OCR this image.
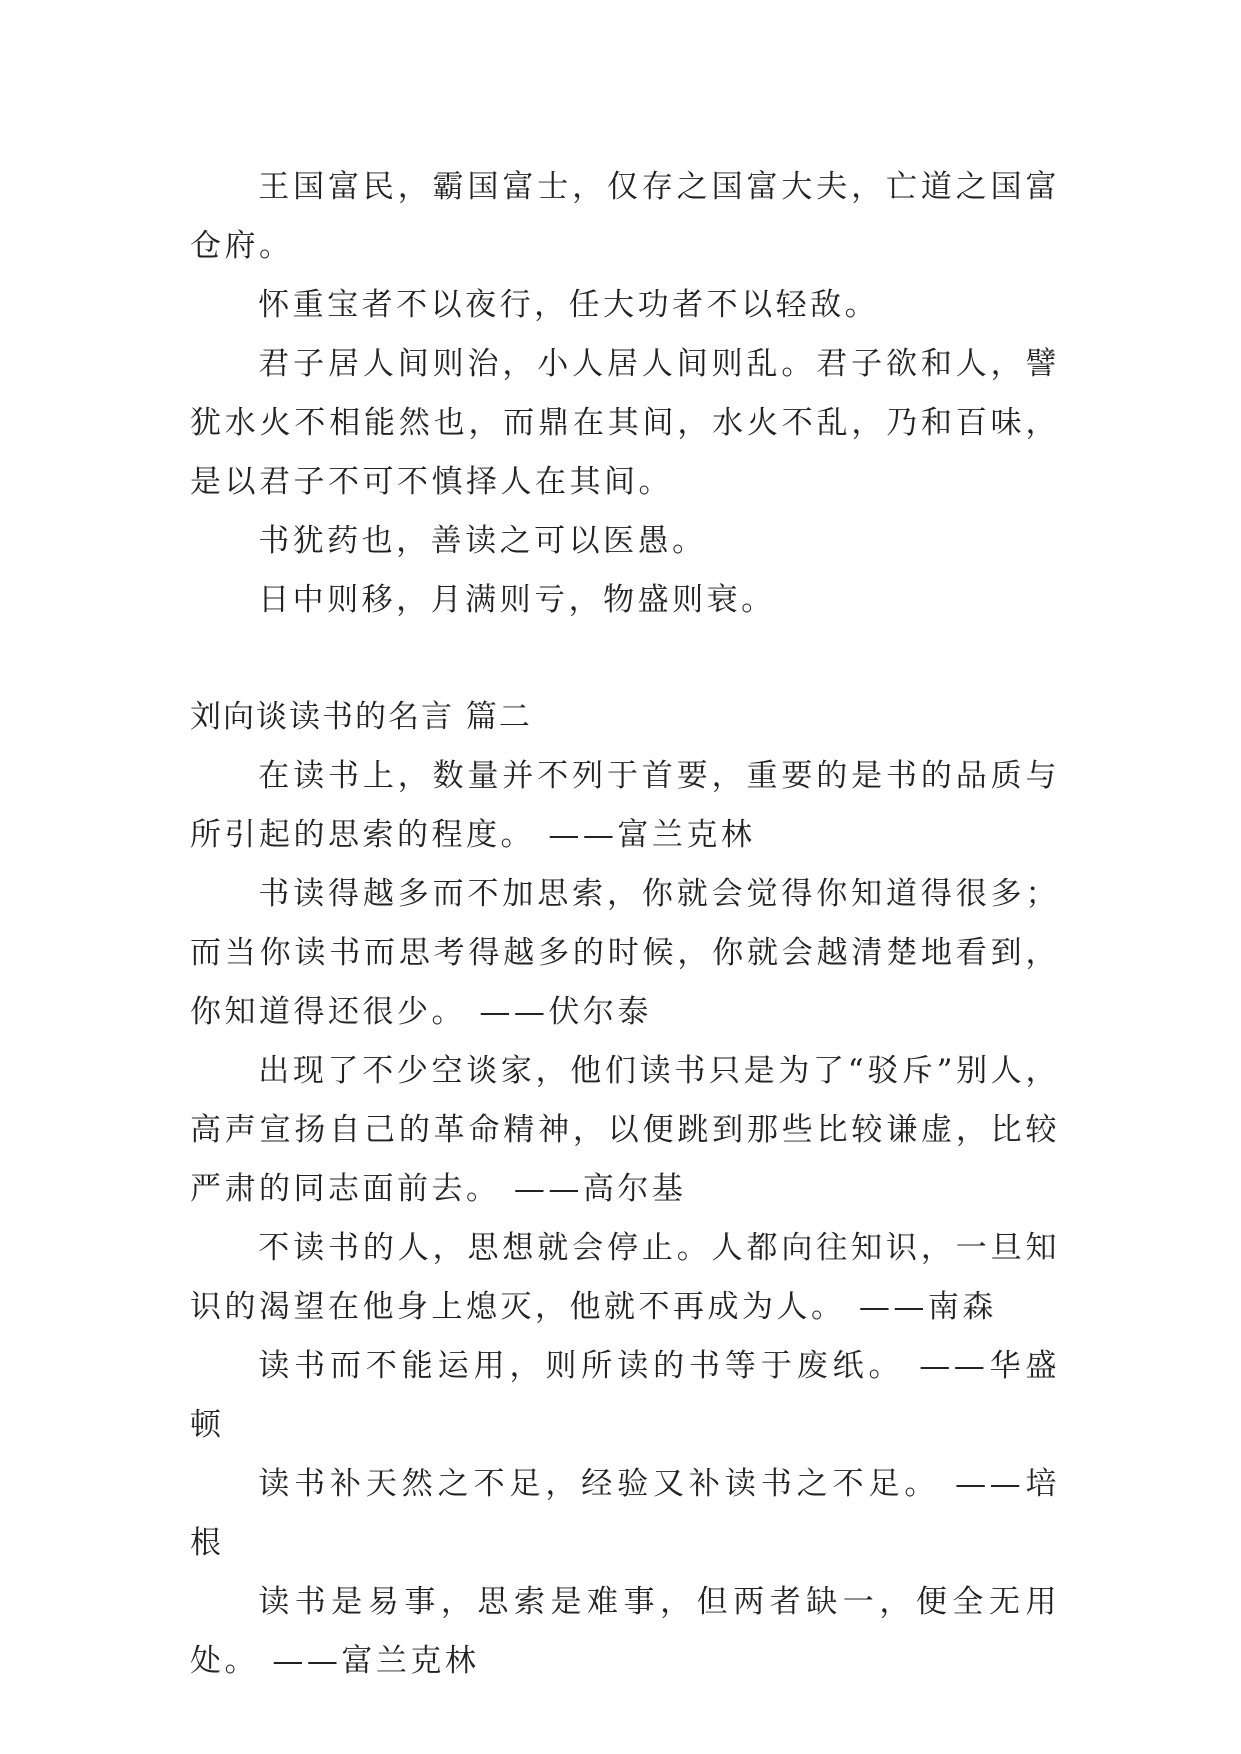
王国富民，霸国富士，仅存之国富大夫，亡道之国富仓府。

怀重宝者不以夜行，任大功者不以轻敌。

君子居人间则治，小人居人间则乱。君子欲和人，譬犹水火不相能然也，而鼎在其间，水火不乱，乃和百味，是以君子不可不慎择人在其间。

书犹药也，善读之可以医愚。

日中则移，月满则亏，物盛则衰。

刘向谈读书的名言 篇二

在读书上，数量并不列于首要，重要的是书的品质与所引起的思索的程度。 ——富兰克林

书读得越多而不加思索，你就会觉得你知道得很多；而当你读书而思考得越多的时候，你就会越清楚地看到，你知道得还很少。 ——伏尔泰

出现了不少空谈家，他们读书只是为了“驳斥”别人，高声宣扬自己的革命精神，以便跳到那些比较谦虚，比较严肃的同志面前去。 ——高尔基

不读书的人，思想就会停止。人都向往知识，一旦知识的渴望在他身上熄灭，他就不再成为人。 ——南森

读书而不能运用，则所读的书等于废纸。 ——华盛顿

读书补天然之不足，经验又补读书之不足。 ——培根

读书是易事，思索是难事，但两者缺一，便全无用处。 ——富兰克林
